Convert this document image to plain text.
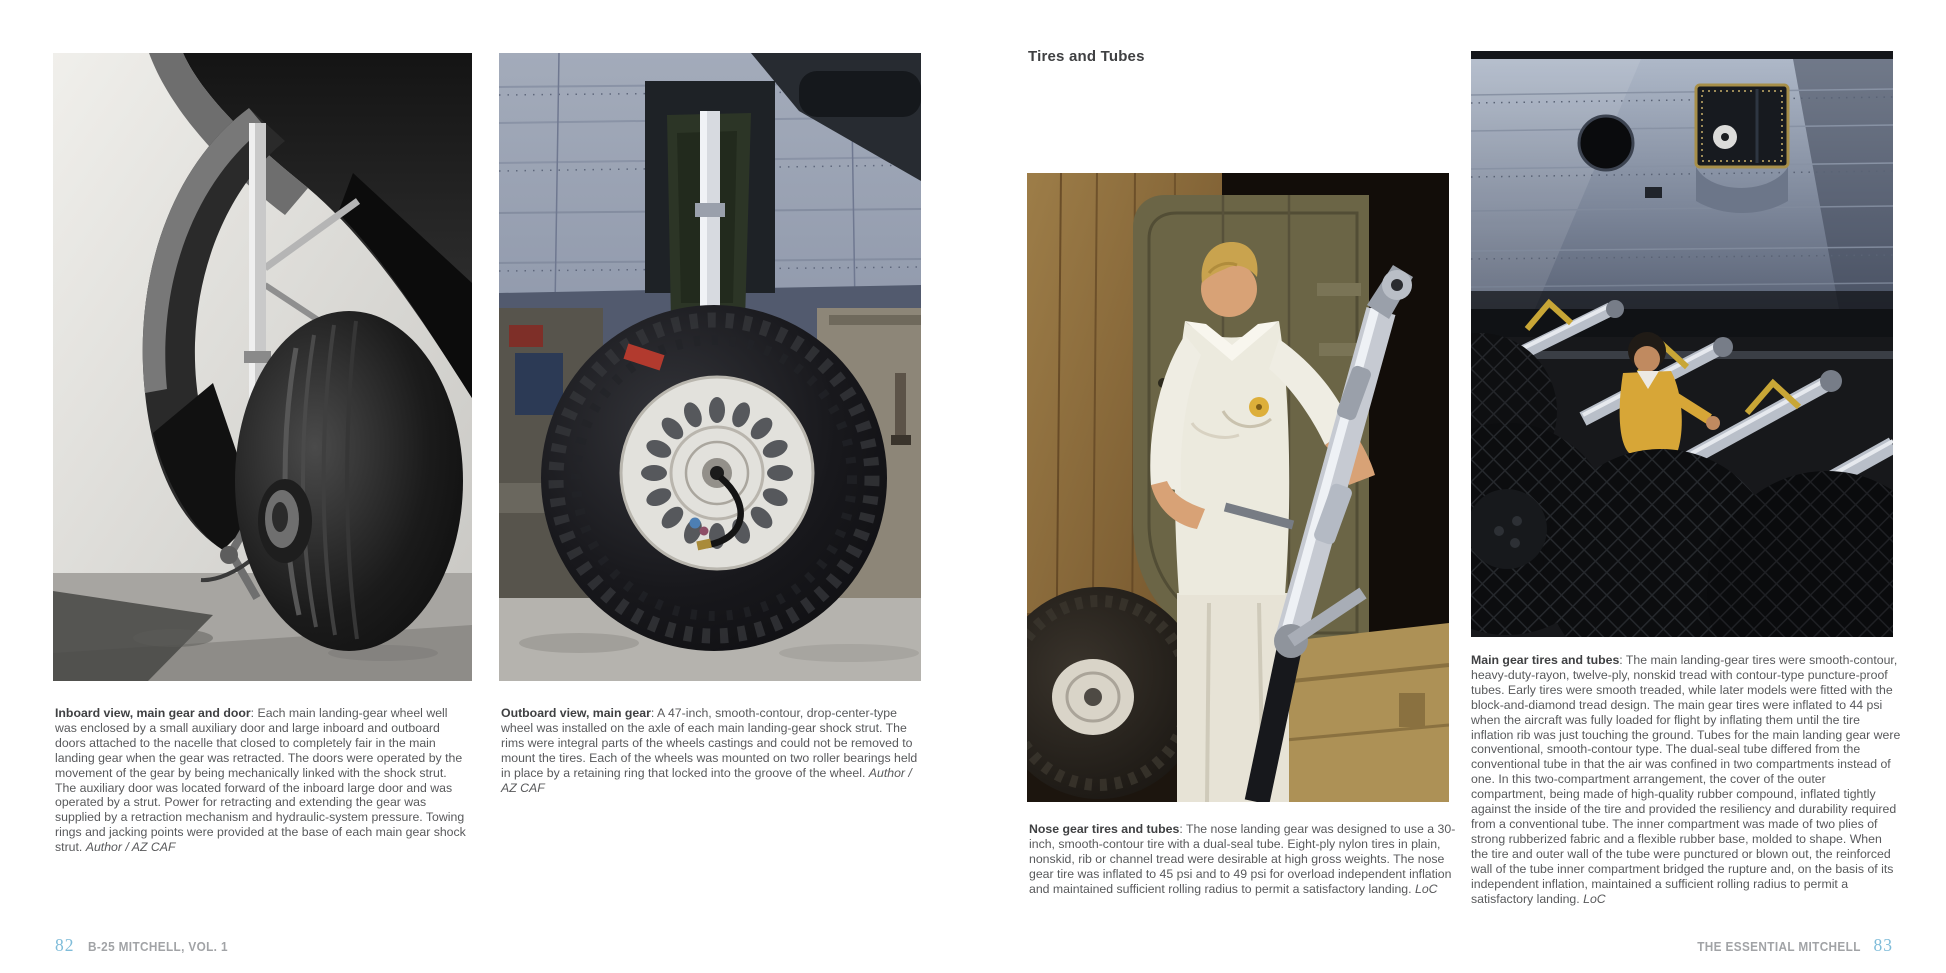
Inboard view, main gear and door: Each main landing-gear wheel well was enclosed by a small auxiliary door and large inboard and outboard doors attached to the nacelle that closed to completely fair in the main landing gear when the gear was retracted. The doors were operated by the movement of the gear by being mechanically linked with the shock strut. The auxiliary door was located forward of the inboard large door and was operated by a strut. Power for retracting and extending the gear was supplied by a retraction mechanism and hydraulic-system pressure. Towing rings and jacking points were provided at the base of each main gear shock strut. Author / AZ CAF
Outboard view, main gear: A 47-inch, smooth-contour, drop-center-type wheel was installed on the axle of each main landing-gear shock strut. The rims were integral parts of the wheels castings and could not be removed to mount the tires. Each of the wheels was mounted on two roller bearings held in place by a retaining ring that locked into the groove of the wheel. Author / AZ CAF
Tires and Tubes
Nose gear tires and tubes: The nose landing gear was designed to use a 30-inch, smooth-contour tire with a dual-seal tube. Eight-ply nylon tires in plain, nonskid, rib or channel tread were desirable at high gross weights. The nose gear tire was inflated to 45 psi and to 49 psi for overload independent inflation and maintained sufficient rolling radius to permit a satisfactory landing. LoC
Main gear tires and tubes: The main landing-gear tires were smooth-contour, heavy-duty-rayon, twelve-ply, nonskid tread with contour-type puncture-proof tubes. Early tires were smooth treaded, while later models were fitted with the block-and-diamond tread design. The main gear tires were inflated to 44 psi when the aircraft was fully loaded for flight by inflating them until the tire inflation rib was just touching the ground. Tubes for the main landing gear were conventional, smooth-contour type. The dual-seal tube differed from the conventional tube in that the air was confined in two compartments instead of one. In this two-compartment arrangement, the cover of the outer compartment, being made of high-quality rubber compound, inflated tightly against the inside of the tire and provided the resiliency and durability required from a conventional tube. The inner compartment was made of two plies of strong rubberized fabric and a flexible rubber base, molded to shape. When the tire and outer wall of the tube were punctured or blown out, the reinforced wall of the tube inner compartment bridged the rupture and, on the basis of its independent inflation, maintained a sufficient rolling radius to permit a satisfactory landing. LoC
82 B-25 MITCHELL, VOL. 1	THE ESSENTIAL MITCHELL 83
